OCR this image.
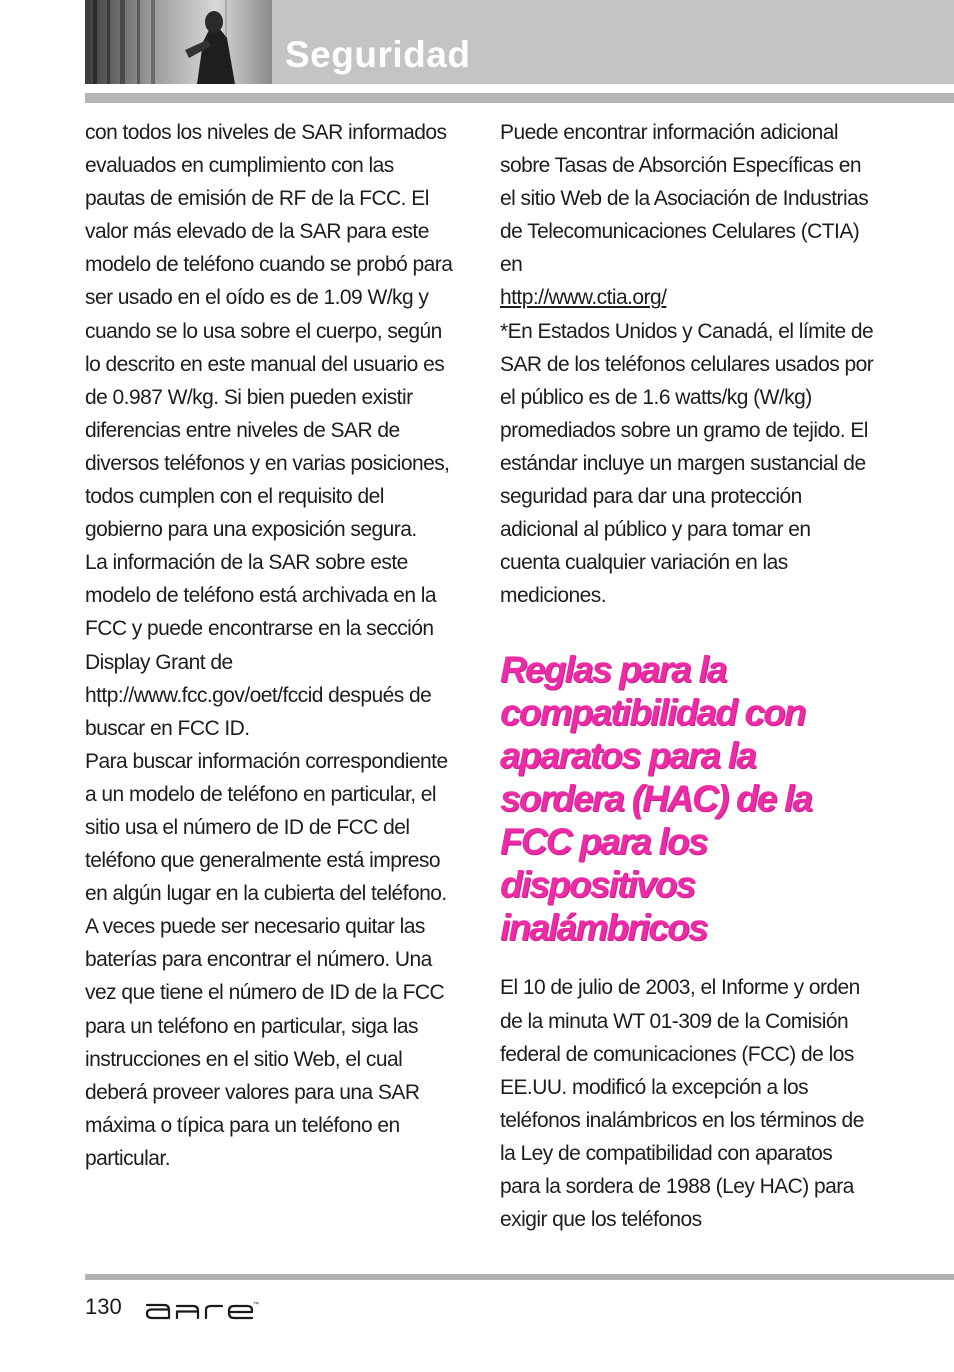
Seguridad

con todos los niveles de SAR informados evaluados en cumplimiento con las pautas de emisión de RF de la FCC. El valor más elevado de la SAR para este modelo de teléfono cuando se probó para ser usado en el oído es de 1.09 W/kg y cuando se lo usa sobre el cuerpo, según lo descrito en este manual del usuario es de 0.987 W/kg. Si bien pueden existir diferencias entre niveles de SAR de diversos teléfonos y en varias posiciones, todos cumplen con el requisito del gobierno para una exposición segura.

La información de la SAR sobre este modelo de teléfono está archivada en la FCC y puede encontrarse en la sección Display Grant de http://www.fcc.gov/oet/fccid después de buscar en FCC ID.

Para buscar información correspondiente a un modelo de teléfono en particular, el sitio usa el número de ID de FCC del teléfono que generalmente está impreso en algún lugar en la cubierta del teléfono. A veces puede ser necesario quitar las baterías para encontrar el número. Una vez que tiene el número de ID de la FCC para un teléfono en particular, siga las instrucciones en el sitio Web, el cual deberá proveer valores para una SAR máxima o típica para un teléfono en particular.

Puede encontrar información adicional sobre Tasas de Absorción Específicas en el sitio Web de la Asociación de Industrias de Telecomunicaciones Celulares (CTIA) en
http://www.ctia.org/

*En Estados Unidos y Canadá, el límite de SAR de los teléfonos celulares usados por el público es de 1.6 watts/kg (W/kg) promediados sobre un gramo de tejido. El estándar incluye un margen sustancial de seguridad para dar una protección adicional al público y para tomar en cuenta cualquier variación en las mediciones.

Reglas para la compatibilidad con aparatos para la sordera (HAC) de la FCC para los dispositivos inalámbricos

El 10 de julio de 2003, el Informe y orden de la minuta WT 01-309 de la Comisión federal de comunicaciones (FCC) de los EE.UU. modificó la excepción a los teléfonos inalámbricos en los términos de la Ley de compatibilidad con aparatos para la sordera de 1988 (Ley HAC) para exigir que los teléfonos

130	™
